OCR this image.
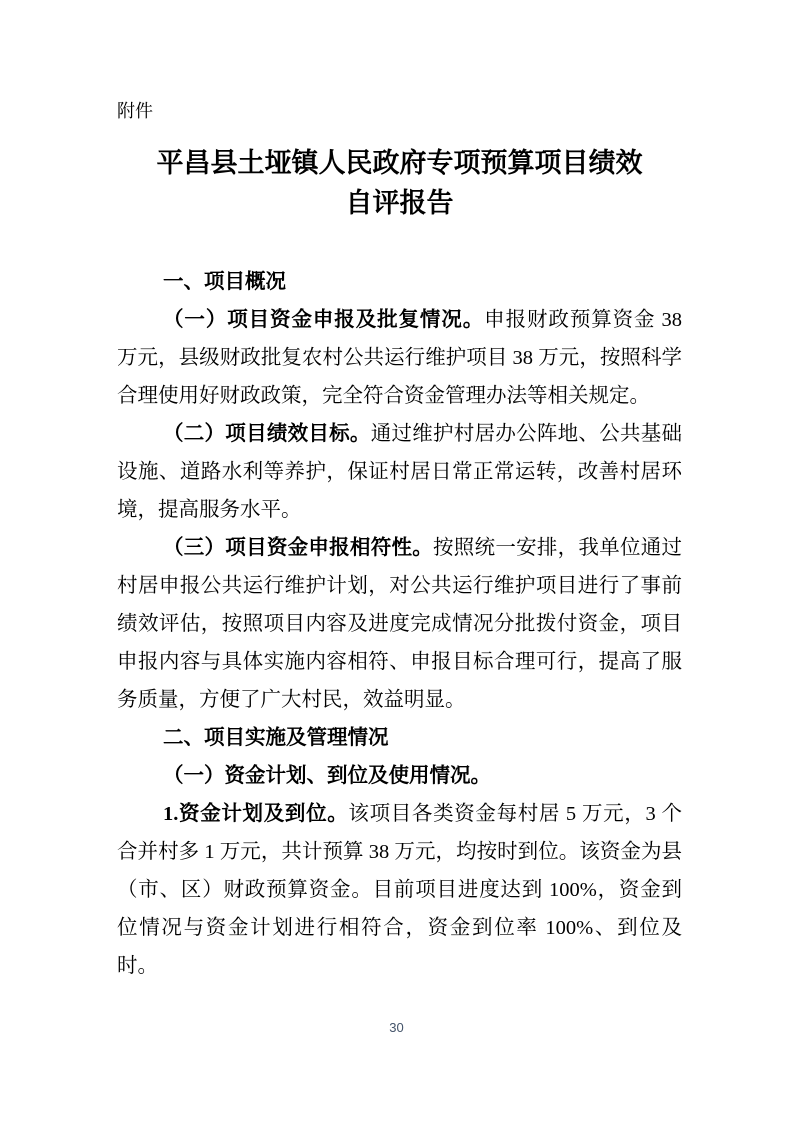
附件
平昌县土垭镇人民政府专项预算项目绩效
自评报告

一、项目概况

（一）项目资金申报及批复情况。申报财政预算资金 38 万元，县级财政批复农村公共运行维护项目 38 万元，按照科学合理使用好财政政策，完全符合资金管理办法等相关规定。

（二）项目绩效目标。通过维护村居办公阵地、公共基础设施、道路水利等养护，保证村居日常正常运转，改善村居环境，提高服务水平。

（三）项目资金申报相符性。按照统一安排，我单位通过村居申报公共运行维护计划，对公共运行维护项目进行了事前绩效评估，按照项目内容及进度完成情况分批拨付资金，项目申报内容与具体实施内容相符、申报目标合理可行，提高了服务质量，方便了广大村民，效益明显。

二、项目实施及管理情况

（一）资金计划、到位及使用情况。

1.资金计划及到位。该项目各类资金每村居 5 万元，3 个合并村多 1 万元，共计预算 38 万元，均按时到位。该资金为县（市、区）财政预算资金。目前项目进度达到 100%，资金到位情况与资金计划进行相符合，资金到位率 100%、到位及时。

30
